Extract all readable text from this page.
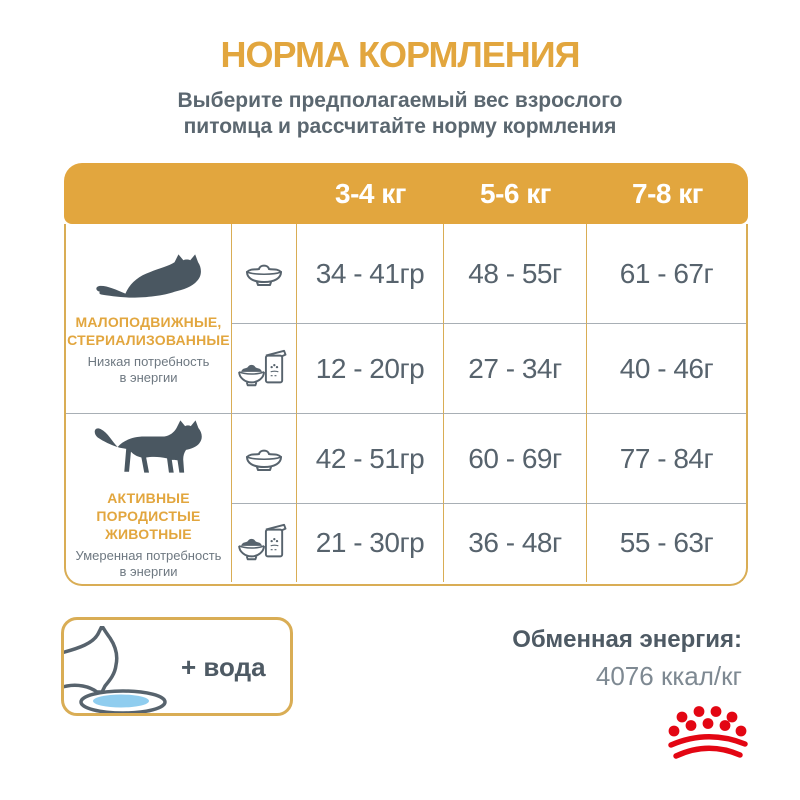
НОРМА КОРМЛЕНИЯ
Выберите предполагаемый вес взрослого
питомца и рассчитайте норму кормления
3-4 кг	5-6 кг	7-8 кг
МАЛОПОДВИЖНЫЕ,
СТЕРИАЛИЗОВАННЫЕ
Низкая потребность
в энергии
34 - 41гр	48 - 55г	61 - 67г
12 - 20гр	27 - 34г	40 - 46г
АКТИВНЫЕ
ПОРОДИСТЫЕ ЖИВОТНЫЕ
Умеренная потребность
в энергии
42 - 51гр	60 - 69г	77 - 84г
21 - 30гр	36 - 48г	55 - 63г
+ вода
Обменная энергия:
4076 ккал/кг
